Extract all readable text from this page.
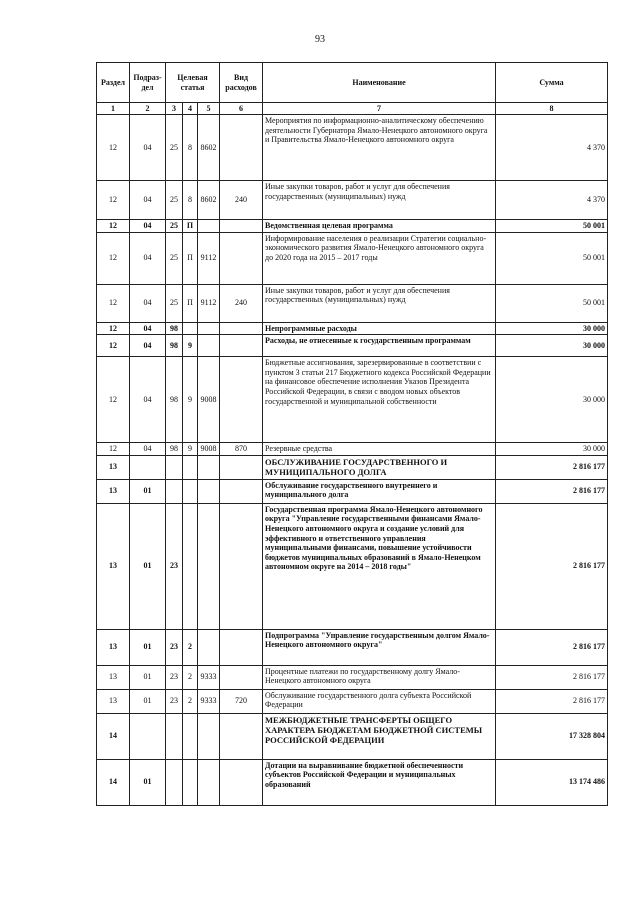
93
Раздел	Подраз-дел	Целевая статья			Вид расходов	Наименование	Сумма
1	2	3	4	5	6	7	8
12	04	25	8	8602		Мероприятия по информационно-аналитическому обеспечению деятельности Губернатора Ямало-Ненецкого автономного округа и Правительства Ямало-Ненецкого автономного округа	4 370
12	04	25	8	8602	240	Иные закупки товаров, работ и услуг для обеспечения государственных (муниципальных) нужд	4 370
12	04	25	П			Ведомственная целевая программа	50 001
12	04	25	П	9112		Информирование населения о реализации Стратегии социально-экономического развития Ямало-Ненецкого автономного округа до 2020 года на 2015 – 2017 годы	50 001
12	04	25	П	9112	240	Иные закупки товаров, работ и услуг для обеспечения государственных (муниципальных) нужд	50 001
12	04	98				Непрограммные расходы	30 000
12	04	98	9			Расходы, не отнесенные к государственным программам	30 000
12	04	98	9	9008		Бюджетные ассигнования, зарезервированные в соответствии с пунктом 3 статьи 217 Бюджетного кодекса Российской Федерации на финансовое обеспечение исполнения Указов Президента Российской Федерации, в связи с вводом новых объектов государственной и муниципальной собственности	30 000
12	04	98	9	9008	870	Резервные средства	30 000
13						ОБСЛУЖИВАНИЕ ГОСУДАРСТВЕННОГО И МУНИЦИПАЛЬНОГО ДОЛГА	2 816 177
13	01					Обслуживание государственного внутреннего и муниципального долга	2 816 177
13	01	23				Государственная программа Ямало-Ненецкого автономного округа "Управление государственными финансами Ямало-Ненецкого автономного округа и создание условий для эффективного и ответственного управления муниципальными финансами, повышение устойчивости бюджетов муниципальных образований в Ямало-Ненецком автономном округе на 2014 – 2018 годы"	2 816 177
13	01	23	2			Подпрограмма "Управление государственным долгом Ямало-Ненецкого автономного округа"	2 816 177
13	01	23	2	9333		Процентные платежи по государственному долгу Ямало-Ненецкого автономного округа	2 816 177
13	01	23	2	9333	720	Обслуживание государственного долга субъекта Российской Федерации	2 816 177
14						МЕЖБЮДЖЕТНЫЕ ТРАНСФЕРТЫ ОБЩЕГО ХАРАКТЕРА БЮДЖЕТАМ БЮДЖЕТНОЙ СИСТЕМЫ РОССИЙСКОЙ ФЕДЕРАЦИИ	17 328 804
14	01					Дотации на выравнивание бюджетной обеспеченности субъектов Российской Федерации и муниципальных образований	13 174 486
